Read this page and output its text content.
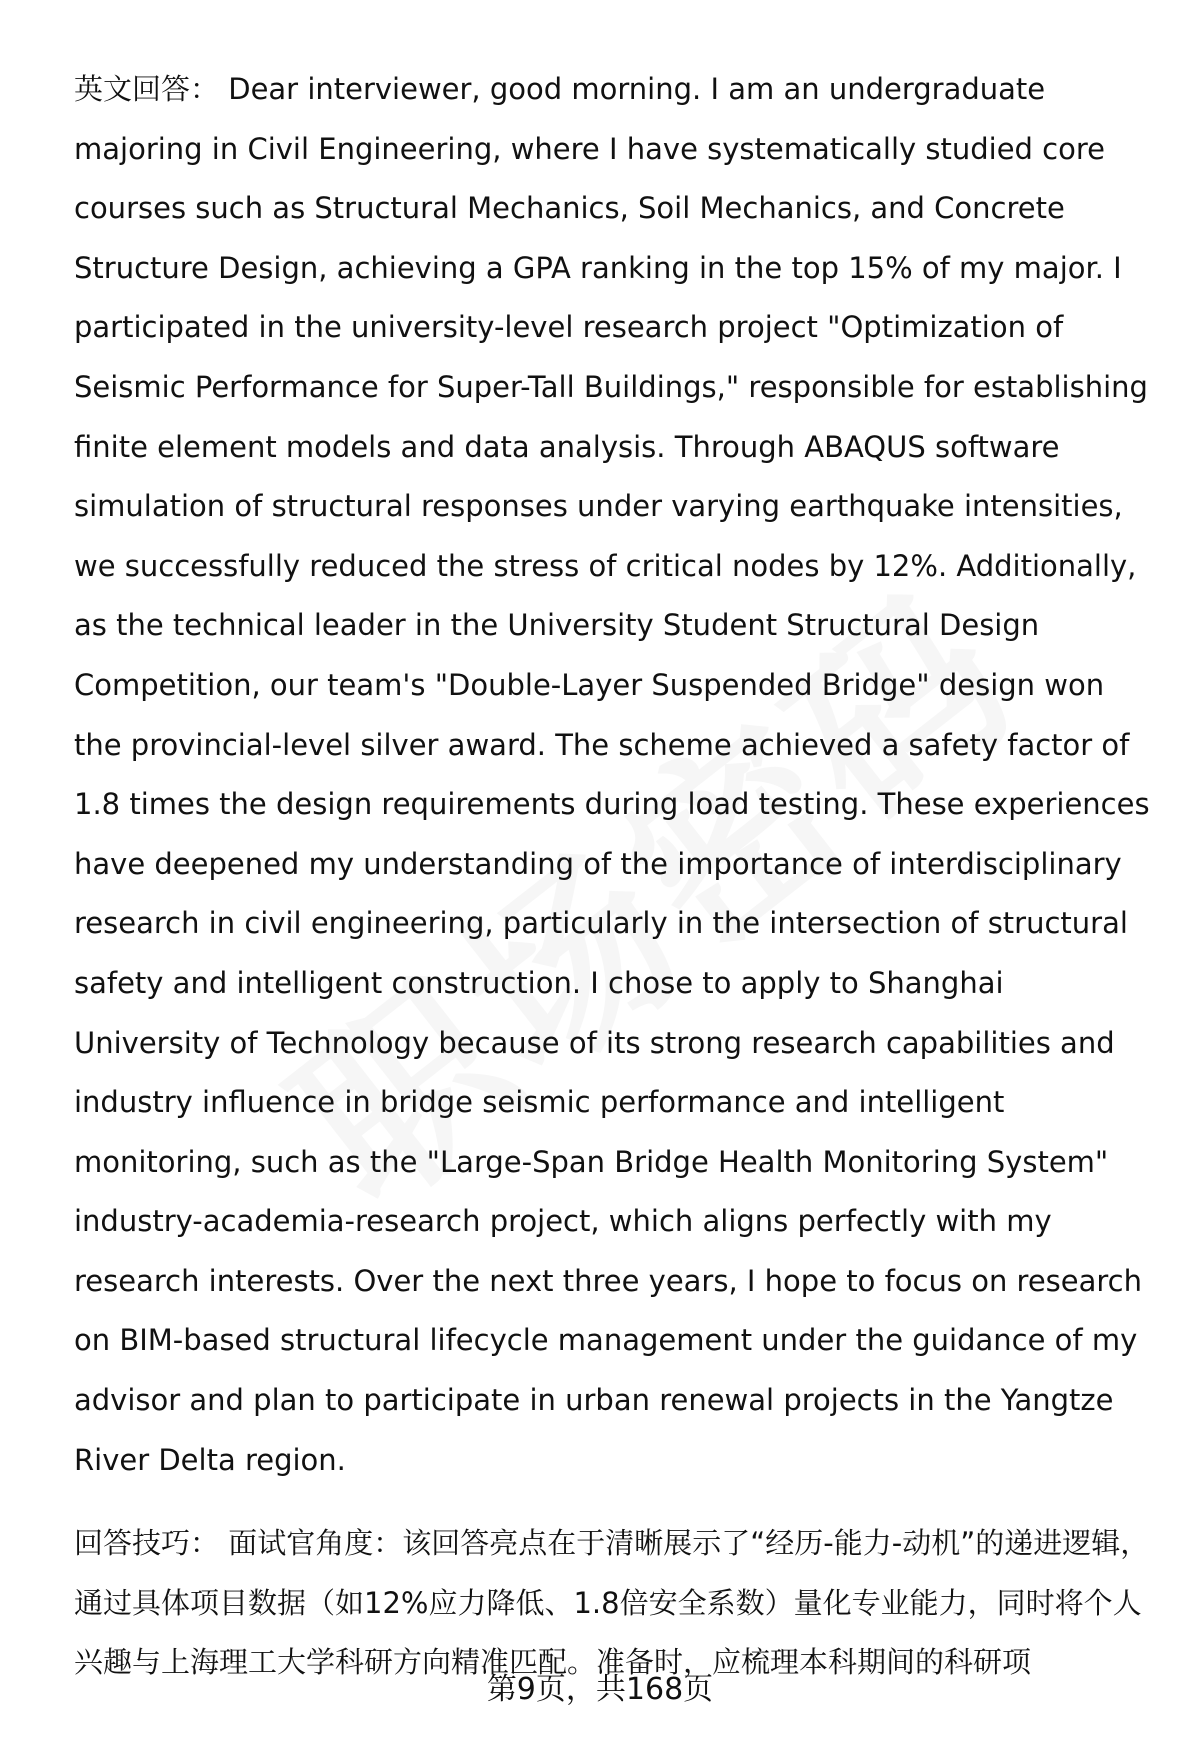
英文回答： Dear interviewer, good morning. I am an undergraduate majoring in Civil Engineering, where I have systematically studied core courses such as Structural Mechanics, Soil Mechanics, and Concrete Structure Design, achieving a GPA ranking in the top 15% of my major. I participated in the university-level research project "Optimization of Seismic Performance for Super-Tall Buildings," responsible for establishing finite element models and data analysis. Through ABAQUS software simulation of structural responses under varying earthquake intensities, we successfully reduced the stress of critical nodes by 12%. Additionally, as the technical leader in the University Student Structural Design Competition, our team's "Double-Layer Suspended Bridge" design won the provincial-level silver award. The scheme achieved a safety factor of 1.8 times the design requirements during load testing. These experiences have deepened my understanding of the importance of interdisciplinary research in civil engineering, particularly in the intersection of structural safety and intelligent construction. I chose to apply to Shanghai University of Technology because of its strong research capabilities and industry influence in bridge seismic performance and intelligent monitoring, such as the "Large-Span Bridge Health Monitoring System" industry-academia-research project, which aligns perfectly with my research interests. Over the next three years, I hope to focus on research on BIM-based structural lifecycle management under the guidance of my advisor and plan to participate in urban renewal projects in the Yangtze River Delta region.

回答技巧： 面试官角度：该回答亮点在于清晰展示了“经历-能力-动机”的递进逻辑，通过具体项目数据（如12%应力降低、1.8倍安全系数）量化专业能力，同时将个人兴趣与上海理工大学科研方向精准匹配。准备时，应梳理本科期间的科研项

第9页，共168页
